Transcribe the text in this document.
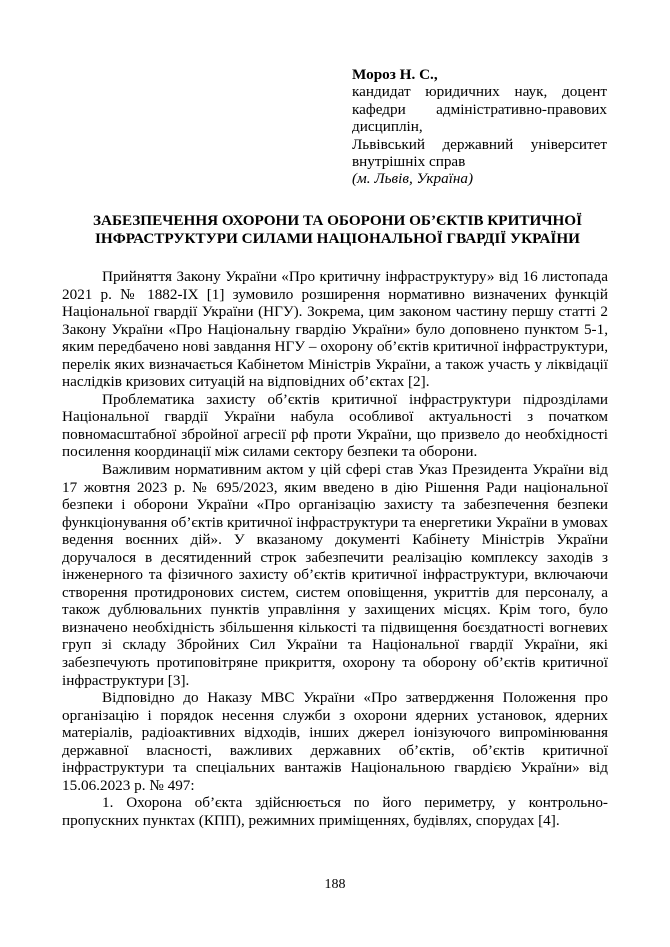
Мороз Н. С.,

кандидат юридичних наук, доцент кафедри адміністративно-правових дисциплін,

Львівський державний університет внутрішніх справ

(м. Львів, Україна)

ЗАБЕЗПЕЧЕННЯ ОХОРОНИ ТА ОБОРОНИ ОБ’ЄКТІВ КРИТИЧНОЇ ІНФРАСТРУКТУРИ СИЛАМИ НАЦІОНАЛЬНОЇ ГВАРДІЇ УКРАЇНИ

Прийняття Закону України «Про критичну інфраструктуру» від 16 листопада 2021 р. № 1882-IX [1] зумовило розширення нормативно визначених функцій Національної гвардії України (НГУ). Зокрема, цим законом частину першу статті 2 Закону України «Про Національну гвардію України» було доповнено пунктом 5-1, яким передбачено нові завдання НГУ – охорону об’єктів критичної інфраструктури, перелік яких визначається Кабінетом Міністрів України, а також участь у ліквідації наслідків кризових ситуацій на відповідних об’єктах [2].

Проблематика захисту об’єктів критичної інфраструктури підрозділами Національної гвардії України набула особливої актуальності з початком повномасштабної збройної агресії рф проти України, що призвело до необхідності посилення координації між силами сектору безпеки та оборони.

Важливим нормативним актом у цій сфері став Указ Президента України від 17 жовтня 2023 р. № 695/2023, яким введено в дію Рішення Ради національної безпеки і оборони України «Про організацію захисту та забезпечення безпеки функціонування об’єктів критичної інфраструктури та енергетики України в умовах ведення воєнних дій». У вказаному документі Кабінету Міністрів України доручалося в десятиденний строк забезпечити реалізацію комплексу заходів з інженерного та фізичного захисту об’єктів критичної інфраструктури, включаючи створення протидронових систем, систем оповіщення, укриттів для персоналу, а також дублювальних пунктів управління у захищених місцях. Крім того, було визначено необхідність збільшення кількості та підвищення боєздатності вогневих груп зі складу Збройних Сил України та Національної гвардії України, які забезпечують протиповітряне прикриття, охорону та оборону об’єктів критичної інфраструктури [3].

Відповідно до Наказу МВС України «Про затвердження Положення про організацію і порядок несення служби з охорони ядерних установок, ядерних матеріалів, радіоактивних відходів, інших джерел іонізуючого випромінювання державної власності, важливих державних об’єктів, об’єктів критичної інфраструктури та спеціальних вантажів Національною гвардією України» від 15.06.2023 р. № 497:

1. Охорона об’єкта здійснюється по його периметру, у контрольно-пропускних пунктах (КПП), режимних приміщеннях, будівлях, спорудах [4].

188
